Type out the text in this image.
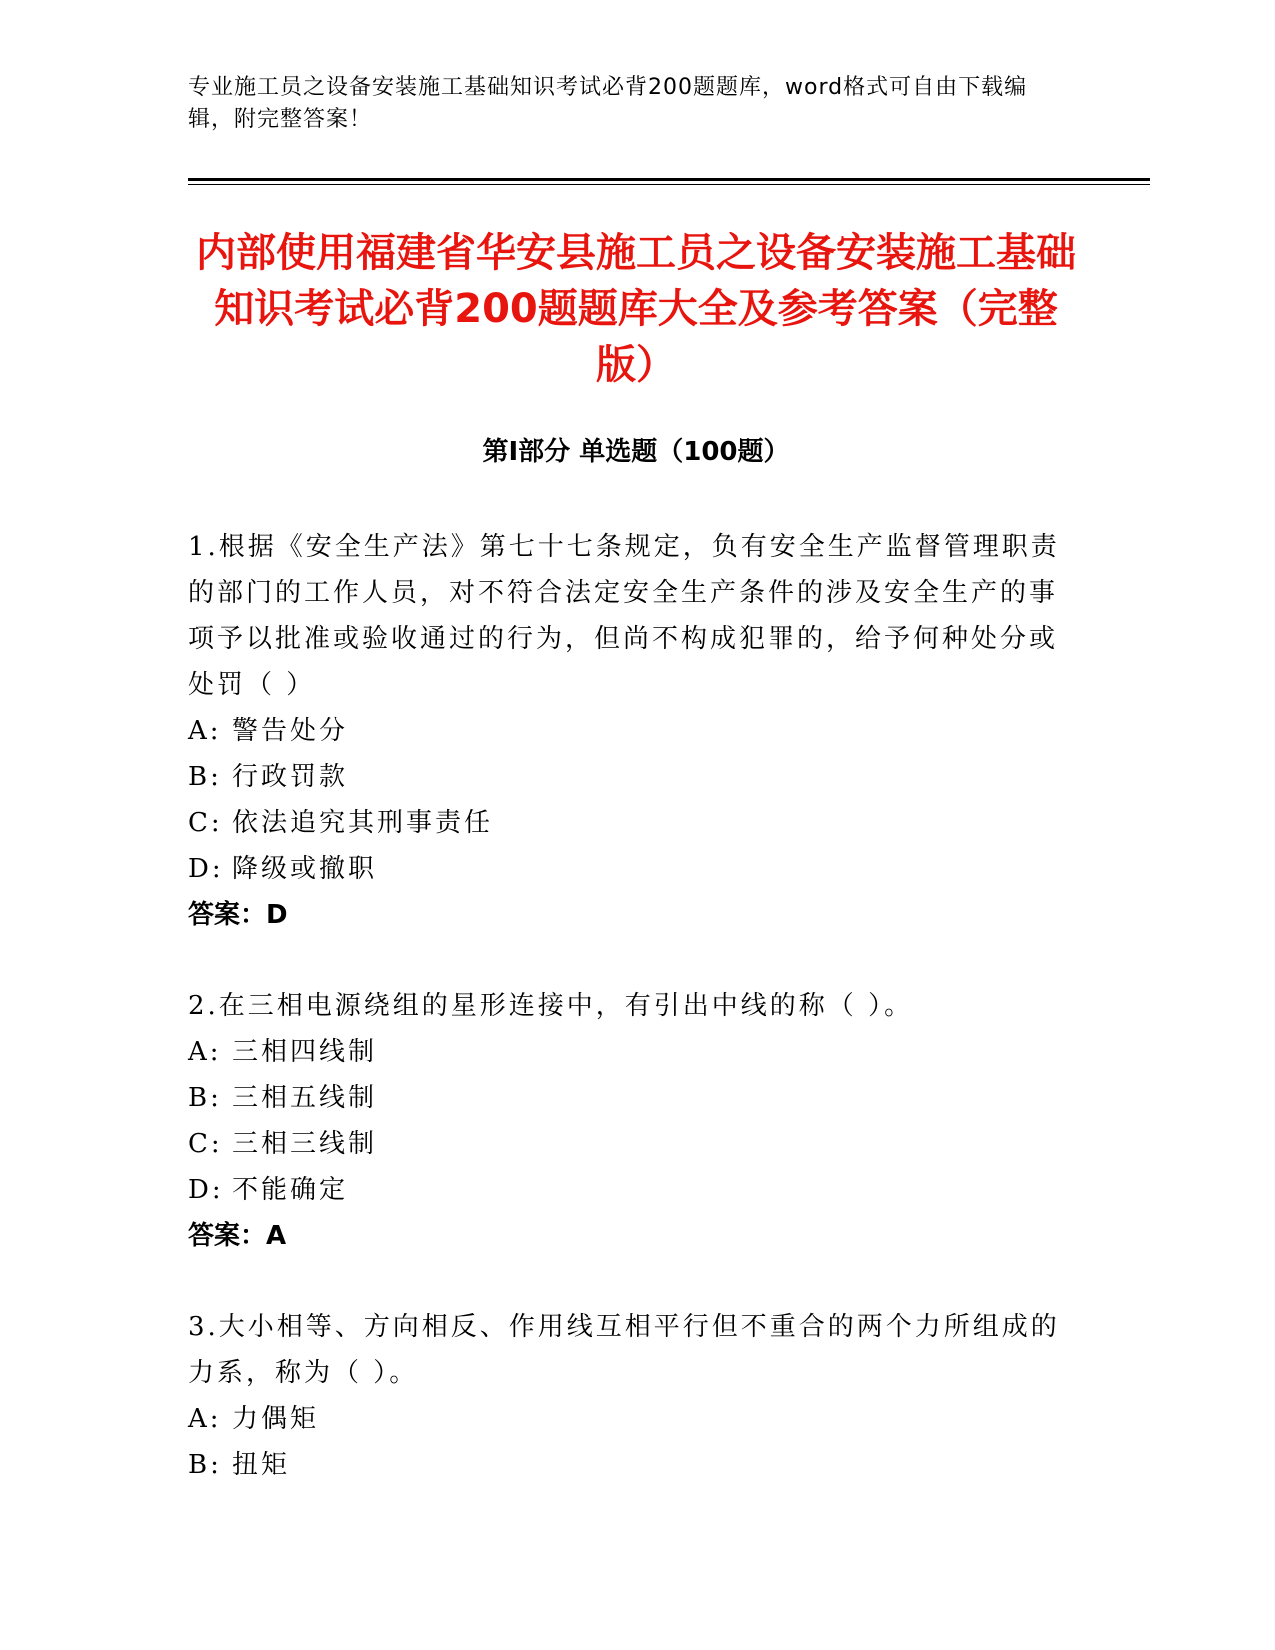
专业施工员之设备安装施工基础知识考试必背200题题库，word格式可自由下载编辑，附完整答案！
内部使用福建省华安县施工员之设备安装施工基础知识考试必背200题题库大全及参考答案（完整版）
第I部分 单选题（100题）

1.根据《安全生产法》第七十七条规定，负有安全生产监督管理职责的部门的工作人员，对不符合法定安全生产条件的涉及安全生产的事项予以批准或验收通过的行为，但尚不构成犯罪的，给予何种处分或处罚（ ）

A: 警告处分

B: 行政罚款

C: 依法追究其刑事责任

D: 降级或撤职

答案：D

2.在三相电源绕组的星形连接中，有引出中线的称（ ）。

A: 三相四线制

B: 三相五线制

C: 三相三线制

D: 不能确定

答案：A

3.大小相等、方向相反、作用线互相平行但不重合的两个力所组成的力系，称为（ ）。

A: 力偶矩

B: 扭矩
